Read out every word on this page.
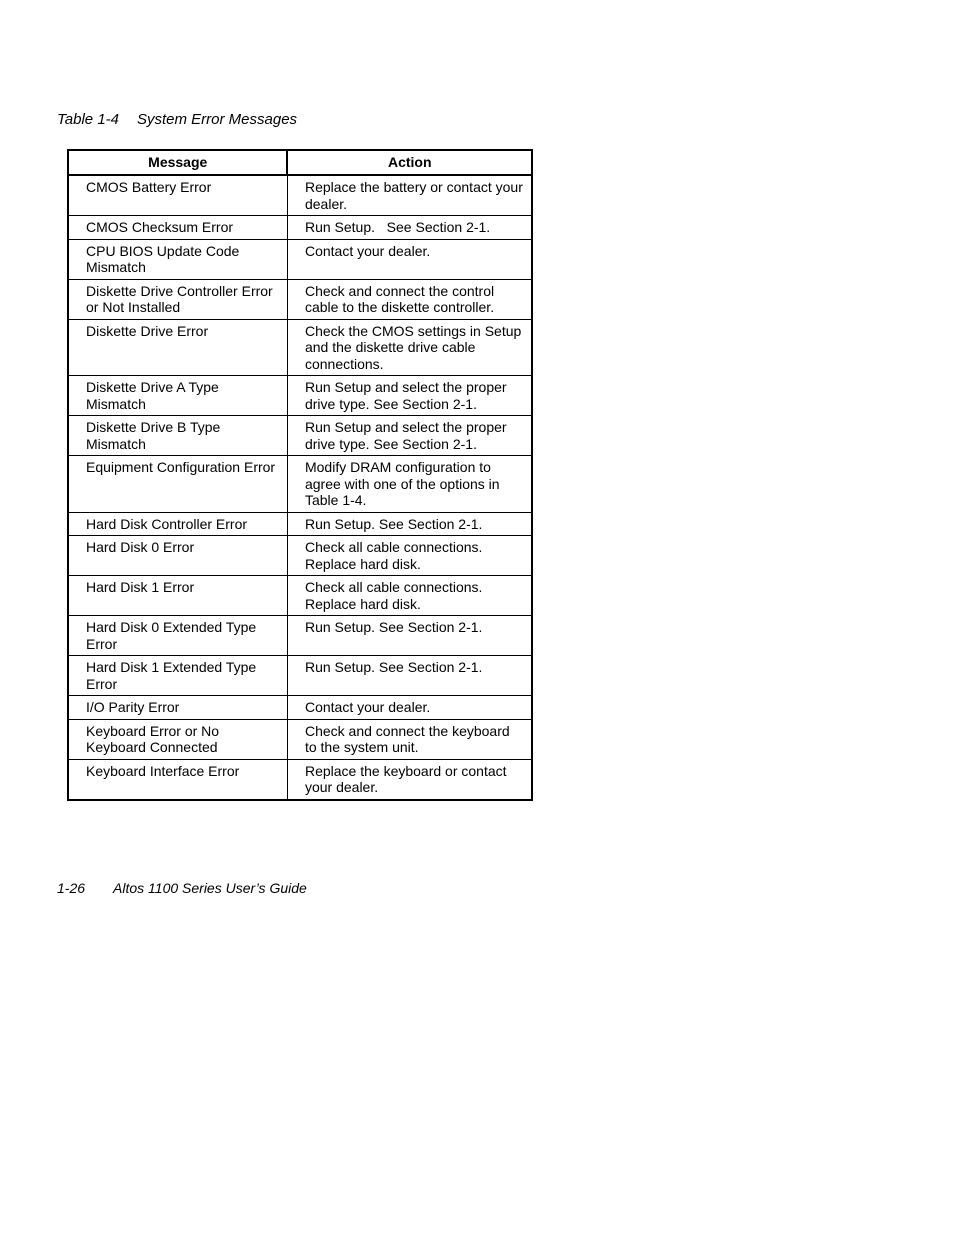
Table 1-4 System Error Messages
Message	Action
CMOS Battery Error	Replace the battery or contact your dealer.
CMOS Checksum Error	Run Setup.   See Section 2-1.
CPU BIOS Update Code Mismatch	Contact your dealer.
Diskette Drive Controller Error or Not Installed	Check and connect the control cable to the diskette controller.
Diskette Drive Error	Check the CMOS settings in Setup and the diskette drive cable connections.
Diskette Drive A Type Mismatch	Run Setup and select the proper drive type. See Section 2-1.
Diskette Drive B Type Mismatch	Run Setup and select the proper drive type. See Section 2-1.
Equipment Configuration Error	Modify DRAM configuration to agree with one of the options in Table 1-4.
Hard Disk Controller Error	Run Setup. See Section 2-1.
Hard Disk 0 Error	Check all cable connections. Replace hard disk.
Hard Disk 1 Error	Check all cable connections. Replace hard disk.
Hard Disk 0 Extended Type Error	Run Setup. See Section 2-1.
Hard Disk 1 Extended Type Error	Run Setup. See Section 2-1.
I/O Parity Error	Contact your dealer.
Keyboard Error or No Keyboard Connected	Check and connect the keyboard to the system unit.
Keyboard Interface Error	Replace the keyboard or contact your dealer.
1-26 Altos 1100 Series User’s Guide
